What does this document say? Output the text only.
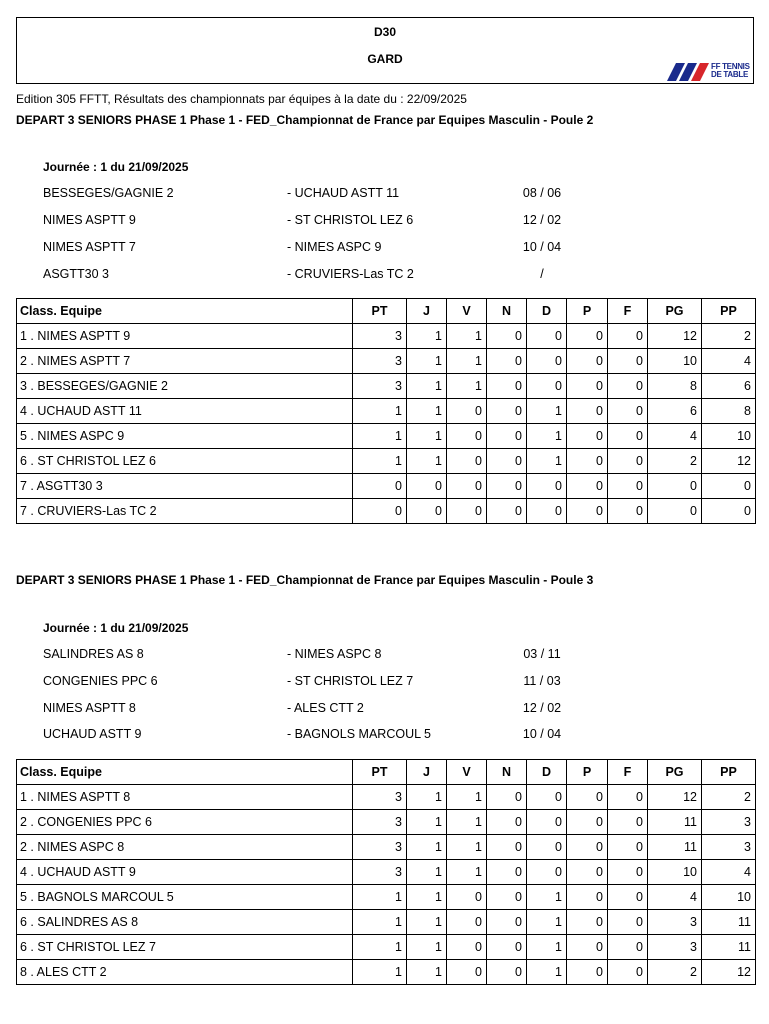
D30
GARD
FF TENNIS
DE TABLE
Edition 305 FFTT, Résultats des championnats par équipes à la date du : 22/09/2025
DEPART 3 SENIORS PHASE 1 Phase 1 - FED_Championnat de France par Equipes Masculin - Poule 2
Journée : 1 du 21/09/2025
BESSEGES/GAGNIE 2	- UCHAUD ASTT 11	08 / 06
NIMES ASPTT 9	- ST CHRISTOL LEZ 6	12 / 02
NIMES ASPTT 7	- NIMES ASPC 9	10 / 04
ASGTT30 3	- CRUVIERS-Las TC 2	/
Class. Equipe	PT	J	V	N	D	P	F	PG	PP
1 . NIMES ASPTT 9	3	1	1	0	0	0	0	12	2
2 . NIMES ASPTT 7	3	1	1	0	0	0	0	10	4
3 . BESSEGES/GAGNIE 2	3	1	1	0	0	0	0	8	6
4 . UCHAUD ASTT 11	1	1	0	0	1	0	0	6	8
5 . NIMES ASPC 9	1	1	0	0	1	0	0	4	10
6 . ST CHRISTOL LEZ 6	1	1	0	0	1	0	0	2	12
7 . ASGTT30 3	0	0	0	0	0	0	0	0	0
7 . CRUVIERS-Las TC 2	0	0	0	0	0	0	0	0	0
DEPART 3 SENIORS PHASE 1 Phase 1 - FED_Championnat de France par Equipes Masculin - Poule 3
Journée : 1 du 21/09/2025
SALINDRES AS 8	- NIMES ASPC 8	03 / 11
CONGENIES PPC 6	- ST CHRISTOL LEZ 7	11 / 03
NIMES ASPTT 8	- ALES CTT 2	12 / 02
UCHAUD ASTT 9	- BAGNOLS MARCOUL 5	10 / 04
Class. Equipe	PT	J	V	N	D	P	F	PG	PP
1 . NIMES ASPTT 8	3	1	1	0	0	0	0	12	2
2 . CONGENIES PPC 6	3	1	1	0	0	0	0	11	3
2 . NIMES ASPC 8	3	1	1	0	0	0	0	11	3
4 . UCHAUD ASTT 9	3	1	1	0	0	0	0	10	4
5 . BAGNOLS MARCOUL 5	1	1	0	0	1	0	0	4	10
6 . SALINDRES AS 8	1	1	0	0	1	0	0	3	11
6 . ST CHRISTOL LEZ 7	1	1	0	0	1	0	0	3	11
8 . ALES CTT 2	1	1	0	0	1	0	0	2	12
